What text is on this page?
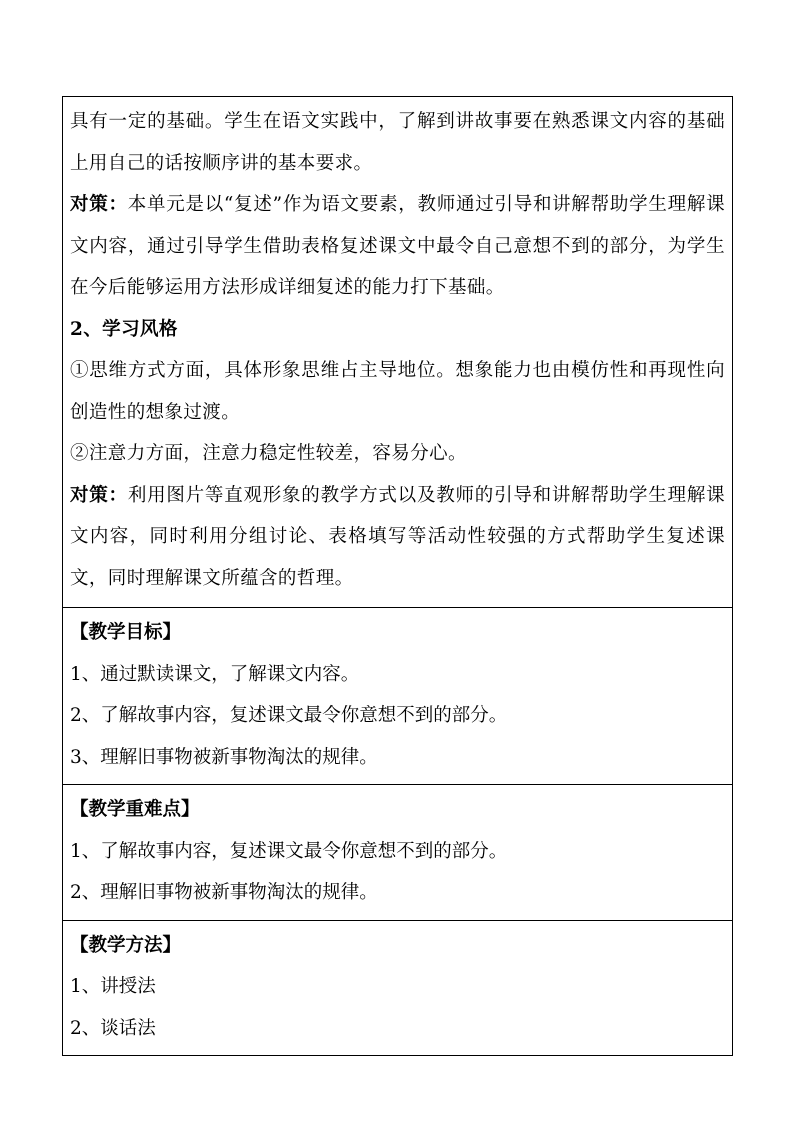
具有一定的基础。学生在语文实践中，了解到讲故事要在熟悉课文内容的基础上用自己的话按顺序讲的基本要求。

对策：本单元是以“复述”作为语文要素，教师通过引导和讲解帮助学生理解课文内容，通过引导学生借助表格复述课文中最令自己意想不到的部分，为学生在今后能够运用方法形成详细复述的能力打下基础。

2、学习风格

①思维方式方面，具体形象思维占主导地位。想象能力也由模仿性和再现性向创造性的想象过渡。

②注意力方面，注意力稳定性较差，容易分心。

对策：利用图片等直观形象的教学方式以及教师的引导和讲解帮助学生理解课文内容，同时利用分组讨论、表格填写等活动性较强的方式帮助学生复述课文，同时理解课文所蕴含的哲理。

【教学目标】

1、通过默读课文，了解课文内容。

2、了解故事内容，复述课文最令你意想不到的部分。

3、理解旧事物被新事物淘汰的规律。

【教学重难点】

1、了解故事内容，复述课文最令你意想不到的部分。

2、理解旧事物被新事物淘汰的规律。

【教学方法】

1、讲授法

2、谈话法
